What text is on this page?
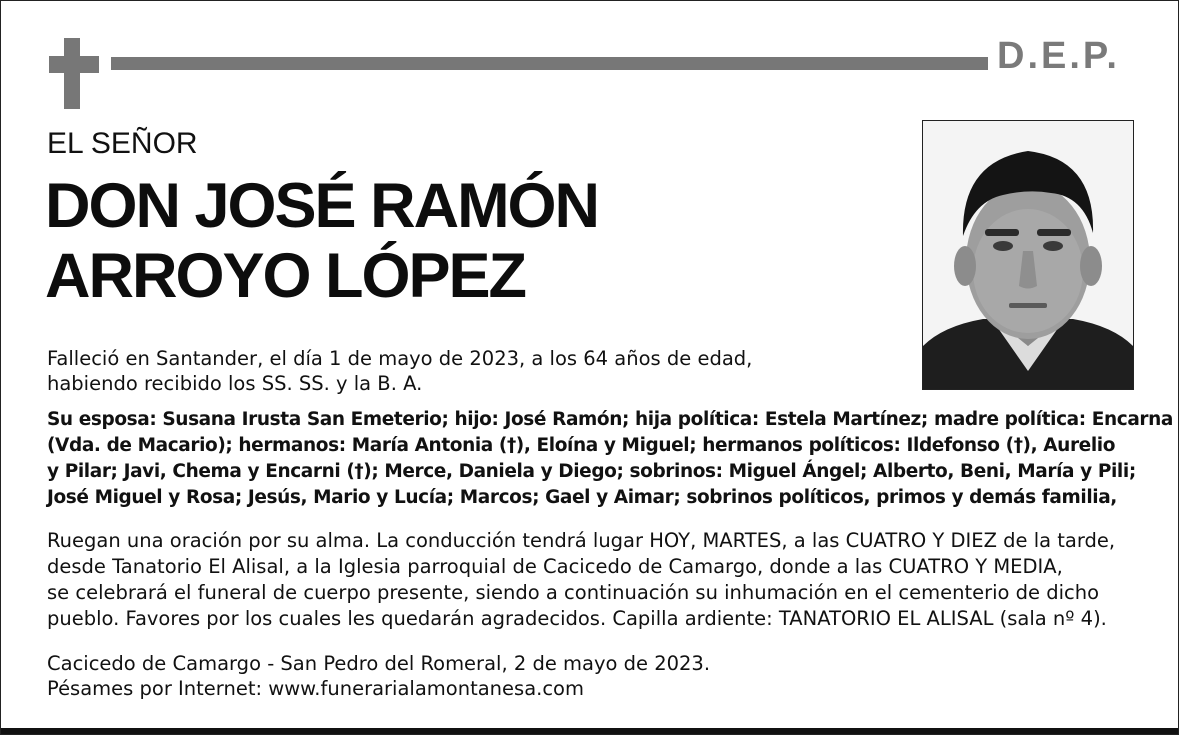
D.E.P.
EL SEÑOR
DON JOSÉ RAMÓN
ARROYO LÓPEZ
Falleció en Santander, el día 1 de mayo de 2023, a los 64 años de edad,
habiendo recibido los SS. SS. y la B. A.
Su esposa: Susana Irusta San Emeterio; hijo: José Ramón; hija política: Estela Martínez; madre política: Encarna
(Vda. de Macario); hermanos: María Antonia (†), Eloína y Miguel; hermanos políticos: Ildefonso (†), Aurelio
y Pilar; Javi, Chema y Encarni (†); Merce, Daniela y Diego; sobrinos: Miguel Ángel; Alberto, Beni, María y Pili;
José Miguel y Rosa; Jesús, Mario y Lucía; Marcos; Gael y Aimar; sobrinos políticos, primos y demás familia,
Ruegan una oración por su alma. La conducción tendrá lugar HOY, MARTES, a las CUATRO Y DIEZ de la tarde,
desde Tanatorio El Alisal, a la Iglesia parroquial de Cacicedo de Camargo, donde a las CUATRO Y MEDIA,
se celebrará el funeral de cuerpo presente, siendo a continuación su inhumación en el cementerio de dicho
pueblo. Favores por los cuales les quedarán agradecidos. Capilla ardiente: TANATORIO EL ALISAL (sala nº 4).
Cacicedo de Camargo - San Pedro del Romeral, 2 de mayo de 2023.
Pésames por Internet: www.funerarialamontanesa.com
